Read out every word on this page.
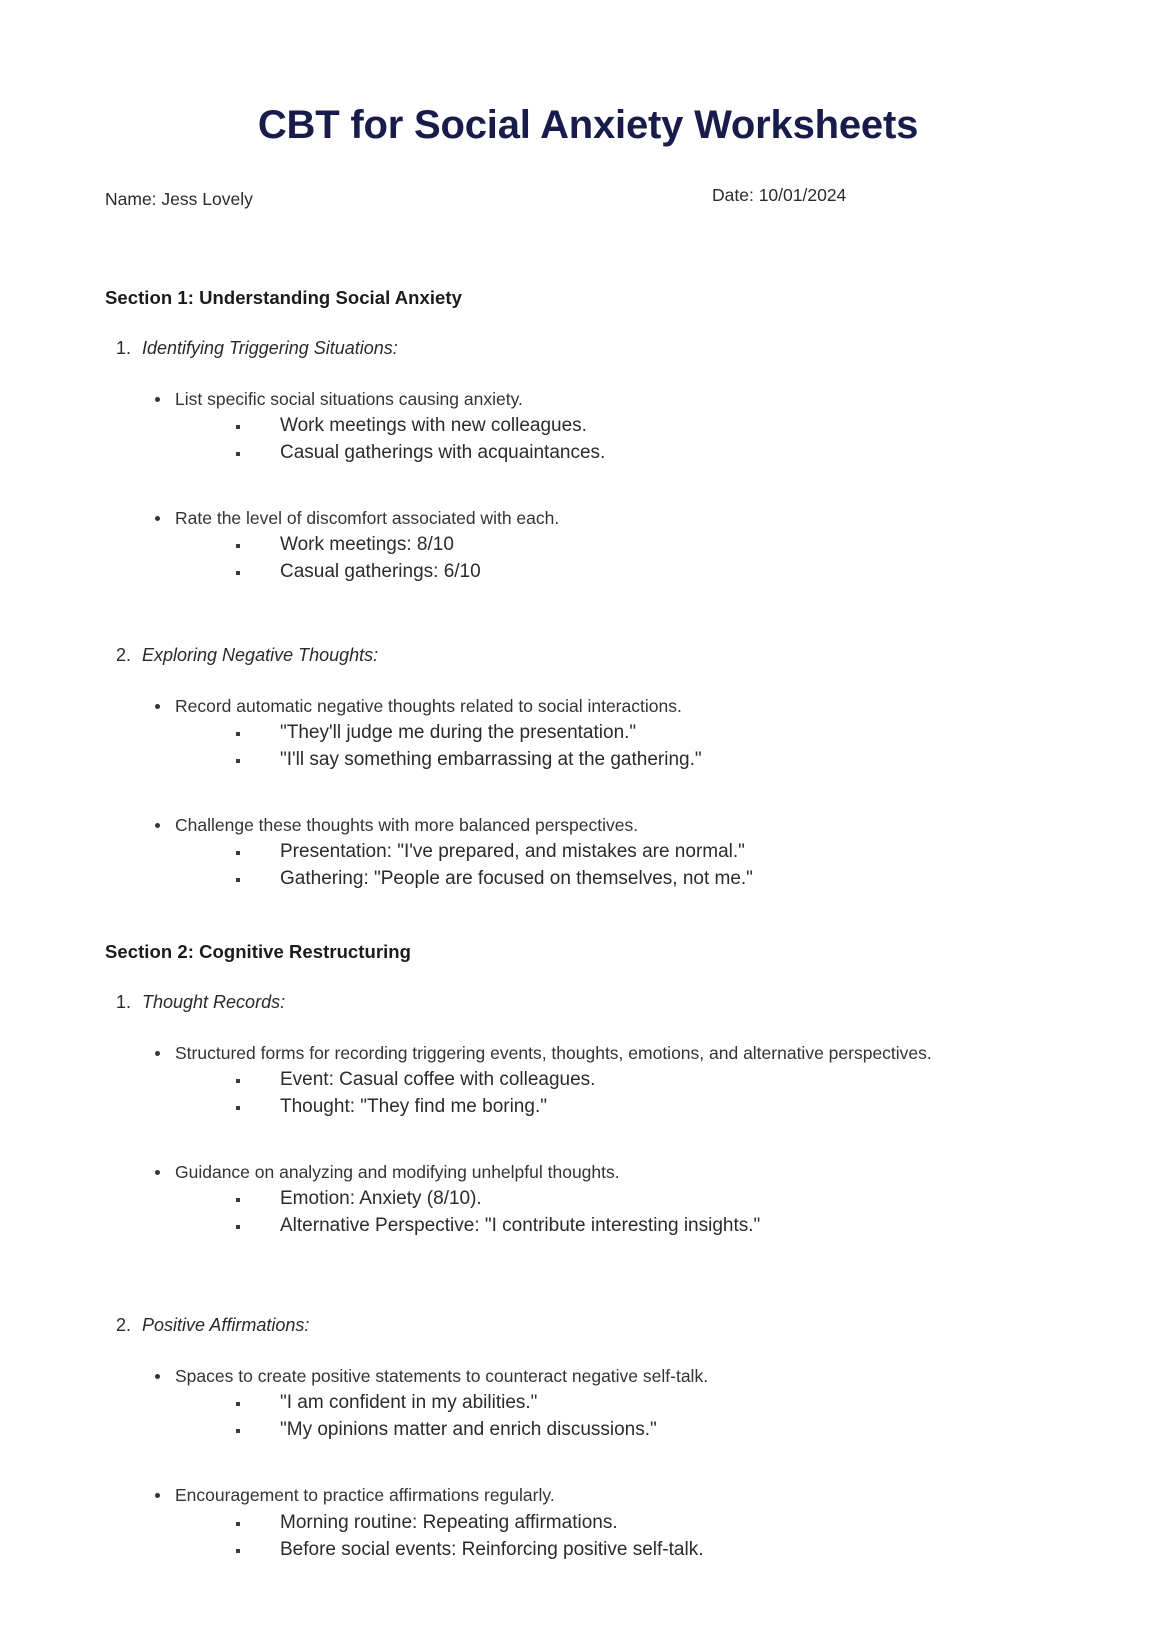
CBT for Social Anxiety Worksheets
Name: Jess Lovely	Date: 10/01/2024
Section 1: Understanding Social Anxiety
1. Identifying Triggering Situations:
List specific social situations causing anxiety.
Work meetings with new colleagues.
Casual gatherings with acquaintances.
Rate the level of discomfort associated with each.
Work meetings: 8/10
Casual gatherings: 6/10
2. Exploring Negative Thoughts:
Record automatic negative thoughts related to social interactions.
"They'll judge me during the presentation."
"I'll say something embarrassing at the gathering."
Challenge these thoughts with more balanced perspectives.
Presentation: "I've prepared, and mistakes are normal."
Gathering: "People are focused on themselves, not me."
Section 2: Cognitive Restructuring
1. Thought Records:
Structured forms for recording triggering events, thoughts, emotions, and alternative perspectives.
Event: Casual coffee with colleagues.
Thought: "They find me boring."
Guidance on analyzing and modifying unhelpful thoughts.
Emotion: Anxiety (8/10).
Alternative Perspective: "I contribute interesting insights."
2. Positive Affirmations:
Spaces to create positive statements to counteract negative self-talk.
"I am confident in my abilities."
"My opinions matter and enrich discussions."
Encouragement to practice affirmations regularly.
Morning routine: Repeating affirmations.
Before social events: Reinforcing positive self-talk.
